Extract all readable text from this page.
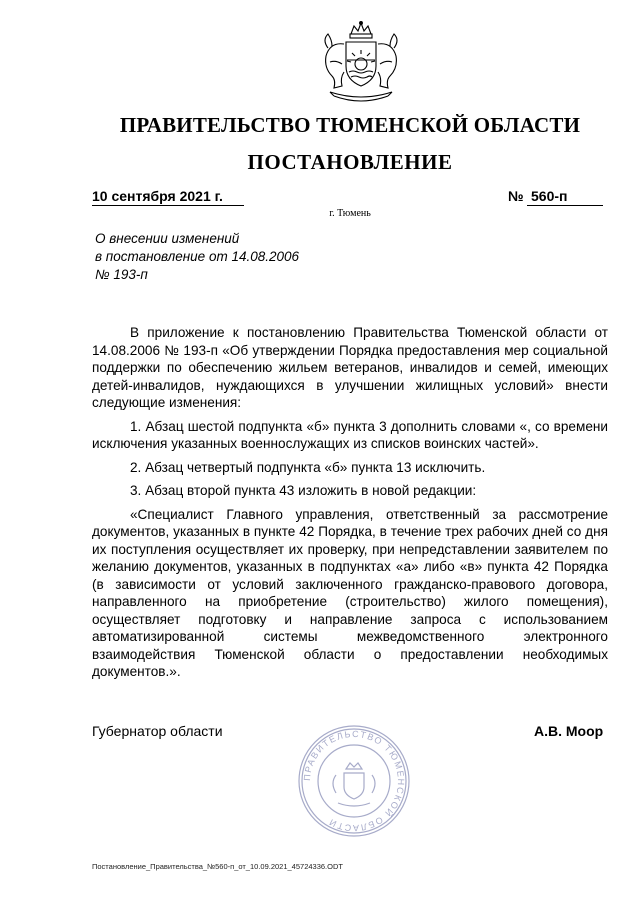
ПРАВИТЕЛЬСТВО ТЮМЕНСКОЙ ОБЛАСТИ
ПОСТАНОВЛЕНИЕ
10 сентября 2021 г.	№ 560-п
г. Тюмень
О внесении изменений
в постановление от 14.08.2006
№ 193-п

В приложение к постановлению Правительства Тюменской области от 14.08.2006 № 193-п «Об утверждении Порядка предоставления мер социальной поддержки по обеспечению жильем ветеранов, инвалидов и семей, имеющих детей-инвалидов, нуждающихся в улучшении жилищных условий» внести следующие изменения:

1. Абзац шестой подпункта «б» пункта 3 дополнить словами «, со времени исключения указанных военнослужащих из списков воинских частей».

2. Абзац четвертый подпункта «б» пункта 13 исключить.

3. Абзац второй пункта 43 изложить в новой редакции:

«Специалист Главного управления, ответственный за рассмотрение документов, указанных в пункте 42 Порядка, в течение трех рабочих дней со дня их поступления осуществляет их проверку, при непредставлении заявителем по желанию документов, указанных в подпунктах «а» либо «в» пункта 42 Порядка (в зависимости от условий заключенного гражданско-правового договора, направленного на приобретение (строительство) жилого помещения), осуществляет подготовку и направление запроса с использованием автоматизированной системы межведомственного электронного взаимодействия Тюменской области о предоставлении необходимых документов.».

ПРАВИТЕЛЬСТВО ТЮМЕНСКОЙ ОБЛАСТИ
Губернатор области	А.В. Моор
Постановление_Правительства_№560-п_от_10.09.2021_45724336.ODT
